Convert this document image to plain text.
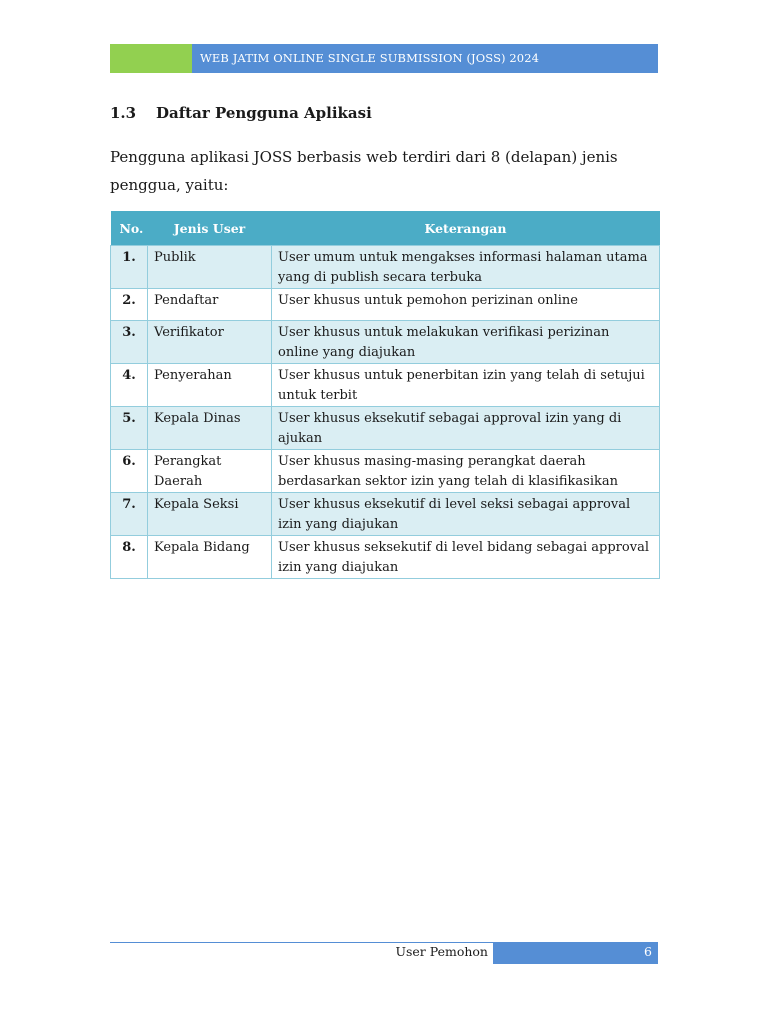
WEB JATIM ONLINE SINGLE SUBMISSION (JOSS) 2024
1.3 Daftar Pengguna Aplikasi
Pengguna aplikasi JOSS berbasis web terdiri dari 8 (delapan) jenis penggua, yaitu:
No.	Jenis User	Keterangan
1.	Publik	User umum untuk mengakses informasi halaman utama yang di publish secara terbuka
2.	Pendaftar	User khusus untuk pemohon perizinan online
3.	Verifikator	User khusus untuk melakukan verifikasi perizinan online yang diajukan
4.	Penyerahan	User khusus untuk penerbitan izin yang telah di setujui untuk terbit
5.	Kepala Dinas	User khusus eksekutif sebagai approval izin yang di ajukan
6.	Perangkat Daerah	User khusus masing-masing perangkat daerah berdasarkan sektor izin yang telah di klasifikasikan
7.	Kepala Seksi	User khusus eksekutif di level seksi sebagai approval izin yang diajukan
8.	Kepala Bidang	User khusus seksekutif di level bidang sebagai approval izin yang diajukan
User Pemohon	6
